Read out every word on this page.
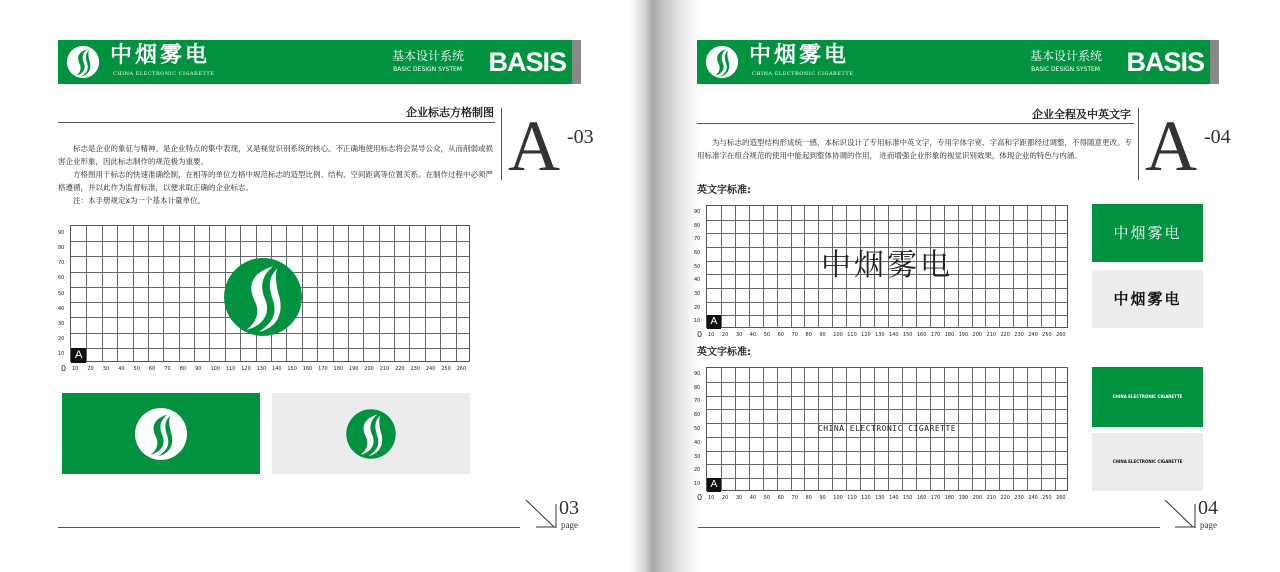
中烟雾电
CHINA ELECTRONIC CIGARETTE
基本设计系统
BASIC DESIGN SYSTEM BASIS
企业标志方格制图 A -03

标志是企业的象征与精神、是企业特点的集中表现，又是视觉识别系统的核心。不正确地使用标志将会误导公众，从而削弱或损害企业形象，因此标志制作的规范极为重要。

方格图用于标志的快速准确绘制，在相等的单位方格中规范标志的造型比例、结构、空间距离等位置关系。在制作过程中必须严格遵循，并以此作为监督标准，以便求取正确的企业标志。

注：本手册规定x为一个基本计量单位。

A
03
page
中烟雾电
CHINA ELECTRONIC CIGARETTE
基本设计系统
BASIC DESIGN SYSTEM BASIS
企业全程及中英文字 A -04

为与标志的造型结构形成统一感，本标识设计了专用标准中英文字，专用字体字宽、字高和字距都经过调整，不得随意更改。专用标准字在组合规范的使用中能起到整体协调的作用， 进而增强企业形象的视觉识别效果，体现企业的特色与内涵。

英文字标准:
A
中烟雾电
英文字标准:
A
CHINA ELECTRONIC CIGARETTE
中烟雾电
中烟雾电
CHINA ELECTRONIC CIGARETTE
CHINA ELECTRONIC CIGARETTE
04
page
90
80
70
60
50
40
30
20
10
10 20 30 40 50 60 70 80 90 100 110 120 130 140 150 160 170 180 190 200 210 220 230 240 250 260
0
90
80
70
60
50
40
30
20
10
10 20 30 40 50 60 70 80 90 100 110 120 130 140 150 160 170 180 190 200 210 220 230 240 250 260
0
90
80
70
60
50
40
30
20
10
10 20 30 40 50 60 70 80 90 100 110 120 130 140 150 160 170 180 190 200 210 220 230 240 250 260
0
